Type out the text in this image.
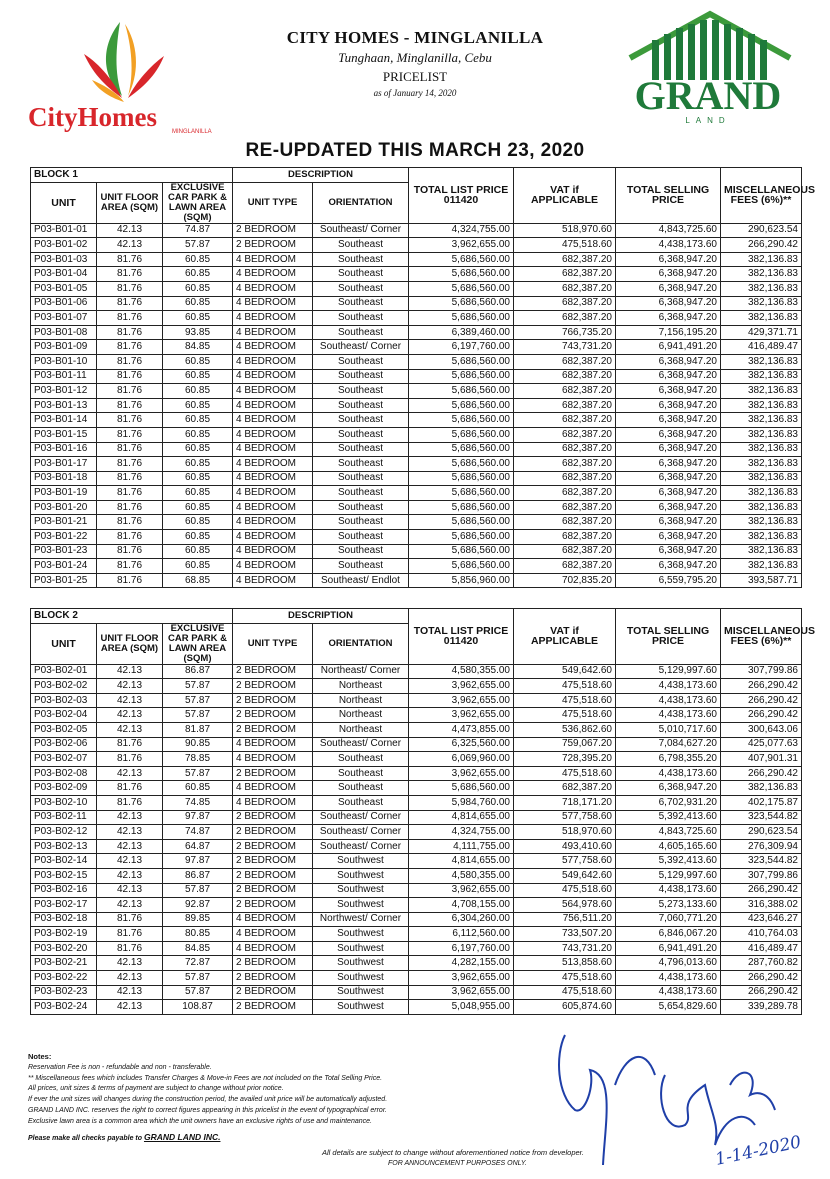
CityHomes	MINGLANILLA
CITY HOMES - MINGLANILLA
Tunghaan, Minglanilla, Cebu
PRICELIST
as of January 14, 2020	GRAND
LAND
RE-UPDATED THIS MARCH 23, 2020
BLOCK 1			DESCRIPTION		TOTAL LIST PRICE 011420	VAT if APPLICABLE	TOTAL SELLING PRICE	MISCELLANEOUS FEES (6%)**
UNIT	UNIT FLOOR AREA (SQM)	EXCLUSIVE CAR PARK & LAWN AREA (SQM)	UNIT TYPE	ORIENTATION				
P03-B01-01	42.13	74.87	2 BEDROOM	Southeast/ Corner	4,324,755.00	518,970.60	4,843,725.60	290,623.54
P03-B01-02	42.13	57.87	2 BEDROOM	Southeast	3,962,655.00	475,518.60	4,438,173.60	266,290.42
P03-B01-03	81.76	60.85	4 BEDROOM	Southeast	5,686,560.00	682,387.20	6,368,947.20	382,136.83
P03-B01-04	81.76	60.85	4 BEDROOM	Southeast	5,686,560.00	682,387.20	6,368,947.20	382,136.83
P03-B01-05	81.76	60.85	4 BEDROOM	Southeast	5,686,560.00	682,387.20	6,368,947.20	382,136.83
P03-B01-06	81.76	60.85	4 BEDROOM	Southeast	5,686,560.00	682,387.20	6,368,947.20	382,136.83
P03-B01-07	81.76	60.85	4 BEDROOM	Southeast	5,686,560.00	682,387.20	6,368,947.20	382,136.83
P03-B01-08	81.76	93.85	4 BEDROOM	Southeast	6,389,460.00	766,735.20	7,156,195.20	429,371.71
P03-B01-09	81.76	84.85	4 BEDROOM	Southeast/ Corner	6,197,760.00	743,731.20	6,941,491.20	416,489.47
P03-B01-10	81.76	60.85	4 BEDROOM	Southeast	5,686,560.00	682,387.20	6,368,947.20	382,136.83
P03-B01-11	81.76	60.85	4 BEDROOM	Southeast	5,686,560.00	682,387.20	6,368,947.20	382,136.83
P03-B01-12	81.76	60.85	4 BEDROOM	Southeast	5,686,560.00	682,387.20	6,368,947.20	382,136.83
P03-B01-13	81.76	60.85	4 BEDROOM	Southeast	5,686,560.00	682,387.20	6,368,947.20	382,136.83
P03-B01-14	81.76	60.85	4 BEDROOM	Southeast	5,686,560.00	682,387.20	6,368,947.20	382,136.83
P03-B01-15	81.76	60.85	4 BEDROOM	Southeast	5,686,560.00	682,387.20	6,368,947.20	382,136.83
P03-B01-16	81.76	60.85	4 BEDROOM	Southeast	5,686,560.00	682,387.20	6,368,947.20	382,136.83
P03-B01-17	81.76	60.85	4 BEDROOM	Southeast	5,686,560.00	682,387.20	6,368,947.20	382,136.83
P03-B01-18	81.76	60.85	4 BEDROOM	Southeast	5,686,560.00	682,387.20	6,368,947.20	382,136.83
P03-B01-19	81.76	60.85	4 BEDROOM	Southeast	5,686,560.00	682,387.20	6,368,947.20	382,136.83
P03-B01-20	81.76	60.85	4 BEDROOM	Southeast	5,686,560.00	682,387.20	6,368,947.20	382,136.83
P03-B01-21	81.76	60.85	4 BEDROOM	Southeast	5,686,560.00	682,387.20	6,368,947.20	382,136.83
P03-B01-22	81.76	60.85	4 BEDROOM	Southeast	5,686,560.00	682,387.20	6,368,947.20	382,136.83
P03-B01-23	81.76	60.85	4 BEDROOM	Southeast	5,686,560.00	682,387.20	6,368,947.20	382,136.83
P03-B01-24	81.76	60.85	4 BEDROOM	Southeast	5,686,560.00	682,387.20	6,368,947.20	382,136.83
P03-B01-25	81.76	68.85	4 BEDROOM	Southeast/ Endlot	5,856,960.00	702,835.20	6,559,795.20	393,587.71
BLOCK 2			DESCRIPTION		TOTAL LIST PRICE 011420	VAT if APPLICABLE	TOTAL SELLING PRICE	MISCELLANEOUS FEES (6%)**
UNIT	UNIT FLOOR AREA (SQM)	EXCLUSIVE CAR PARK & LAWN AREA (SQM)	UNIT TYPE	ORIENTATION				
P03-B02-01	42.13	86.87	2 BEDROOM	Northeast/ Corner	4,580,355.00	549,642.60	5,129,997.60	307,799.86
P03-B02-02	42.13	57.87	2 BEDROOM	Northeast	3,962,655.00	475,518.60	4,438,173.60	266,290.42
P03-B02-03	42.13	57.87	2 BEDROOM	Northeast	3,962,655.00	475,518.60	4,438,173.60	266,290.42
P03-B02-04	42.13	57.87	2 BEDROOM	Northeast	3,962,655.00	475,518.60	4,438,173.60	266,290.42
P03-B02-05	42.13	81.87	2 BEDROOM	Northeast	4,473,855.00	536,862.60	5,010,717.60	300,643.06
P03-B02-06	81.76	90.85	4 BEDROOM	Southeast/ Corner	6,325,560.00	759,067.20	7,084,627.20	425,077.63
P03-B02-07	81.76	78.85	4 BEDROOM	Southeast	6,069,960.00	728,395.20	6,798,355.20	407,901.31
P03-B02-08	42.13	57.87	2 BEDROOM	Southeast	3,962,655.00	475,518.60	4,438,173.60	266,290.42
P03-B02-09	81.76	60.85	4 BEDROOM	Southeast	5,686,560.00	682,387.20	6,368,947.20	382,136.83
P03-B02-10	81.76	74.85	4 BEDROOM	Southeast	5,984,760.00	718,171.20	6,702,931.20	402,175.87
P03-B02-11	42.13	97.87	2 BEDROOM	Southeast/ Corner	4,814,655.00	577,758.60	5,392,413.60	323,544.82
P03-B02-12	42.13	74.87	2 BEDROOM	Southeast/ Corner	4,324,755.00	518,970.60	4,843,725.60	290,623.54
P03-B02-13	42.13	64.87	2 BEDROOM	Southeast/ Corner	4,111,755.00	493,410.60	4,605,165.60	276,309.94
P03-B02-14	42.13	97.87	2 BEDROOM	Southwest	4,814,655.00	577,758.60	5,392,413.60	323,544.82
P03-B02-15	42.13	86.87	2 BEDROOM	Southwest	4,580,355.00	549,642.60	5,129,997.60	307,799.86
P03-B02-16	42.13	57.87	2 BEDROOM	Southwest	3,962,655.00	475,518.60	4,438,173.60	266,290.42
P03-B02-17	42.13	92.87	2 BEDROOM	Southwest	4,708,155.00	564,978.60	5,273,133.60	316,388.02
P03-B02-18	81.76	89.85	4 BEDROOM	Northwest/ Corner	6,304,260.00	756,511.20	7,060,771.20	423,646.27
P03-B02-19	81.76	80.85	4 BEDROOM	Southwest	6,112,560.00	733,507.20	6,846,067.20	410,764.03
P03-B02-20	81.76	84.85	4 BEDROOM	Southwest	6,197,760.00	743,731.20	6,941,491.20	416,489.47
P03-B02-21	42.13	72.87	2 BEDROOM	Southwest	4,282,155.00	513,858.60	4,796,013.60	287,760.82
P03-B02-22	42.13	57.87	2 BEDROOM	Southwest	3,962,655.00	475,518.60	4,438,173.60	266,290.42
P03-B02-23	42.13	57.87	2 BEDROOM	Southwest	3,962,655.00	475,518.60	4,438,173.60	266,290.42
P03-B02-24	42.13	108.87	2 BEDROOM	Southwest	5,048,955.00	605,874.60	5,654,829.60	339,289.78
Notes:
Reservation Fee is non - refundable and non - transferable.
** Miscellaneous fees which includes Transfer Charges & Move-in Fees are not included on the Total Selling Price.
All prices, unit sizes & terms of payment are subject to change without prior notice.
If ever the unit sizes will changes during the construction period, the availed unit price will be automatically adjusted.
GRAND LAND INC. reserves the right to correct figures appearing in this pricelist in the event of typographical error.
Exclusive lawn area is a common area which the unit owners have an exclusive rights of use and maintenance.
Please make all checks payable to GRAND LAND INC.
All details are subject to change without aforementioned notice from developer.
FOR ANNOUNCEMENT PURPOSES ONLY.	1-14-2020
